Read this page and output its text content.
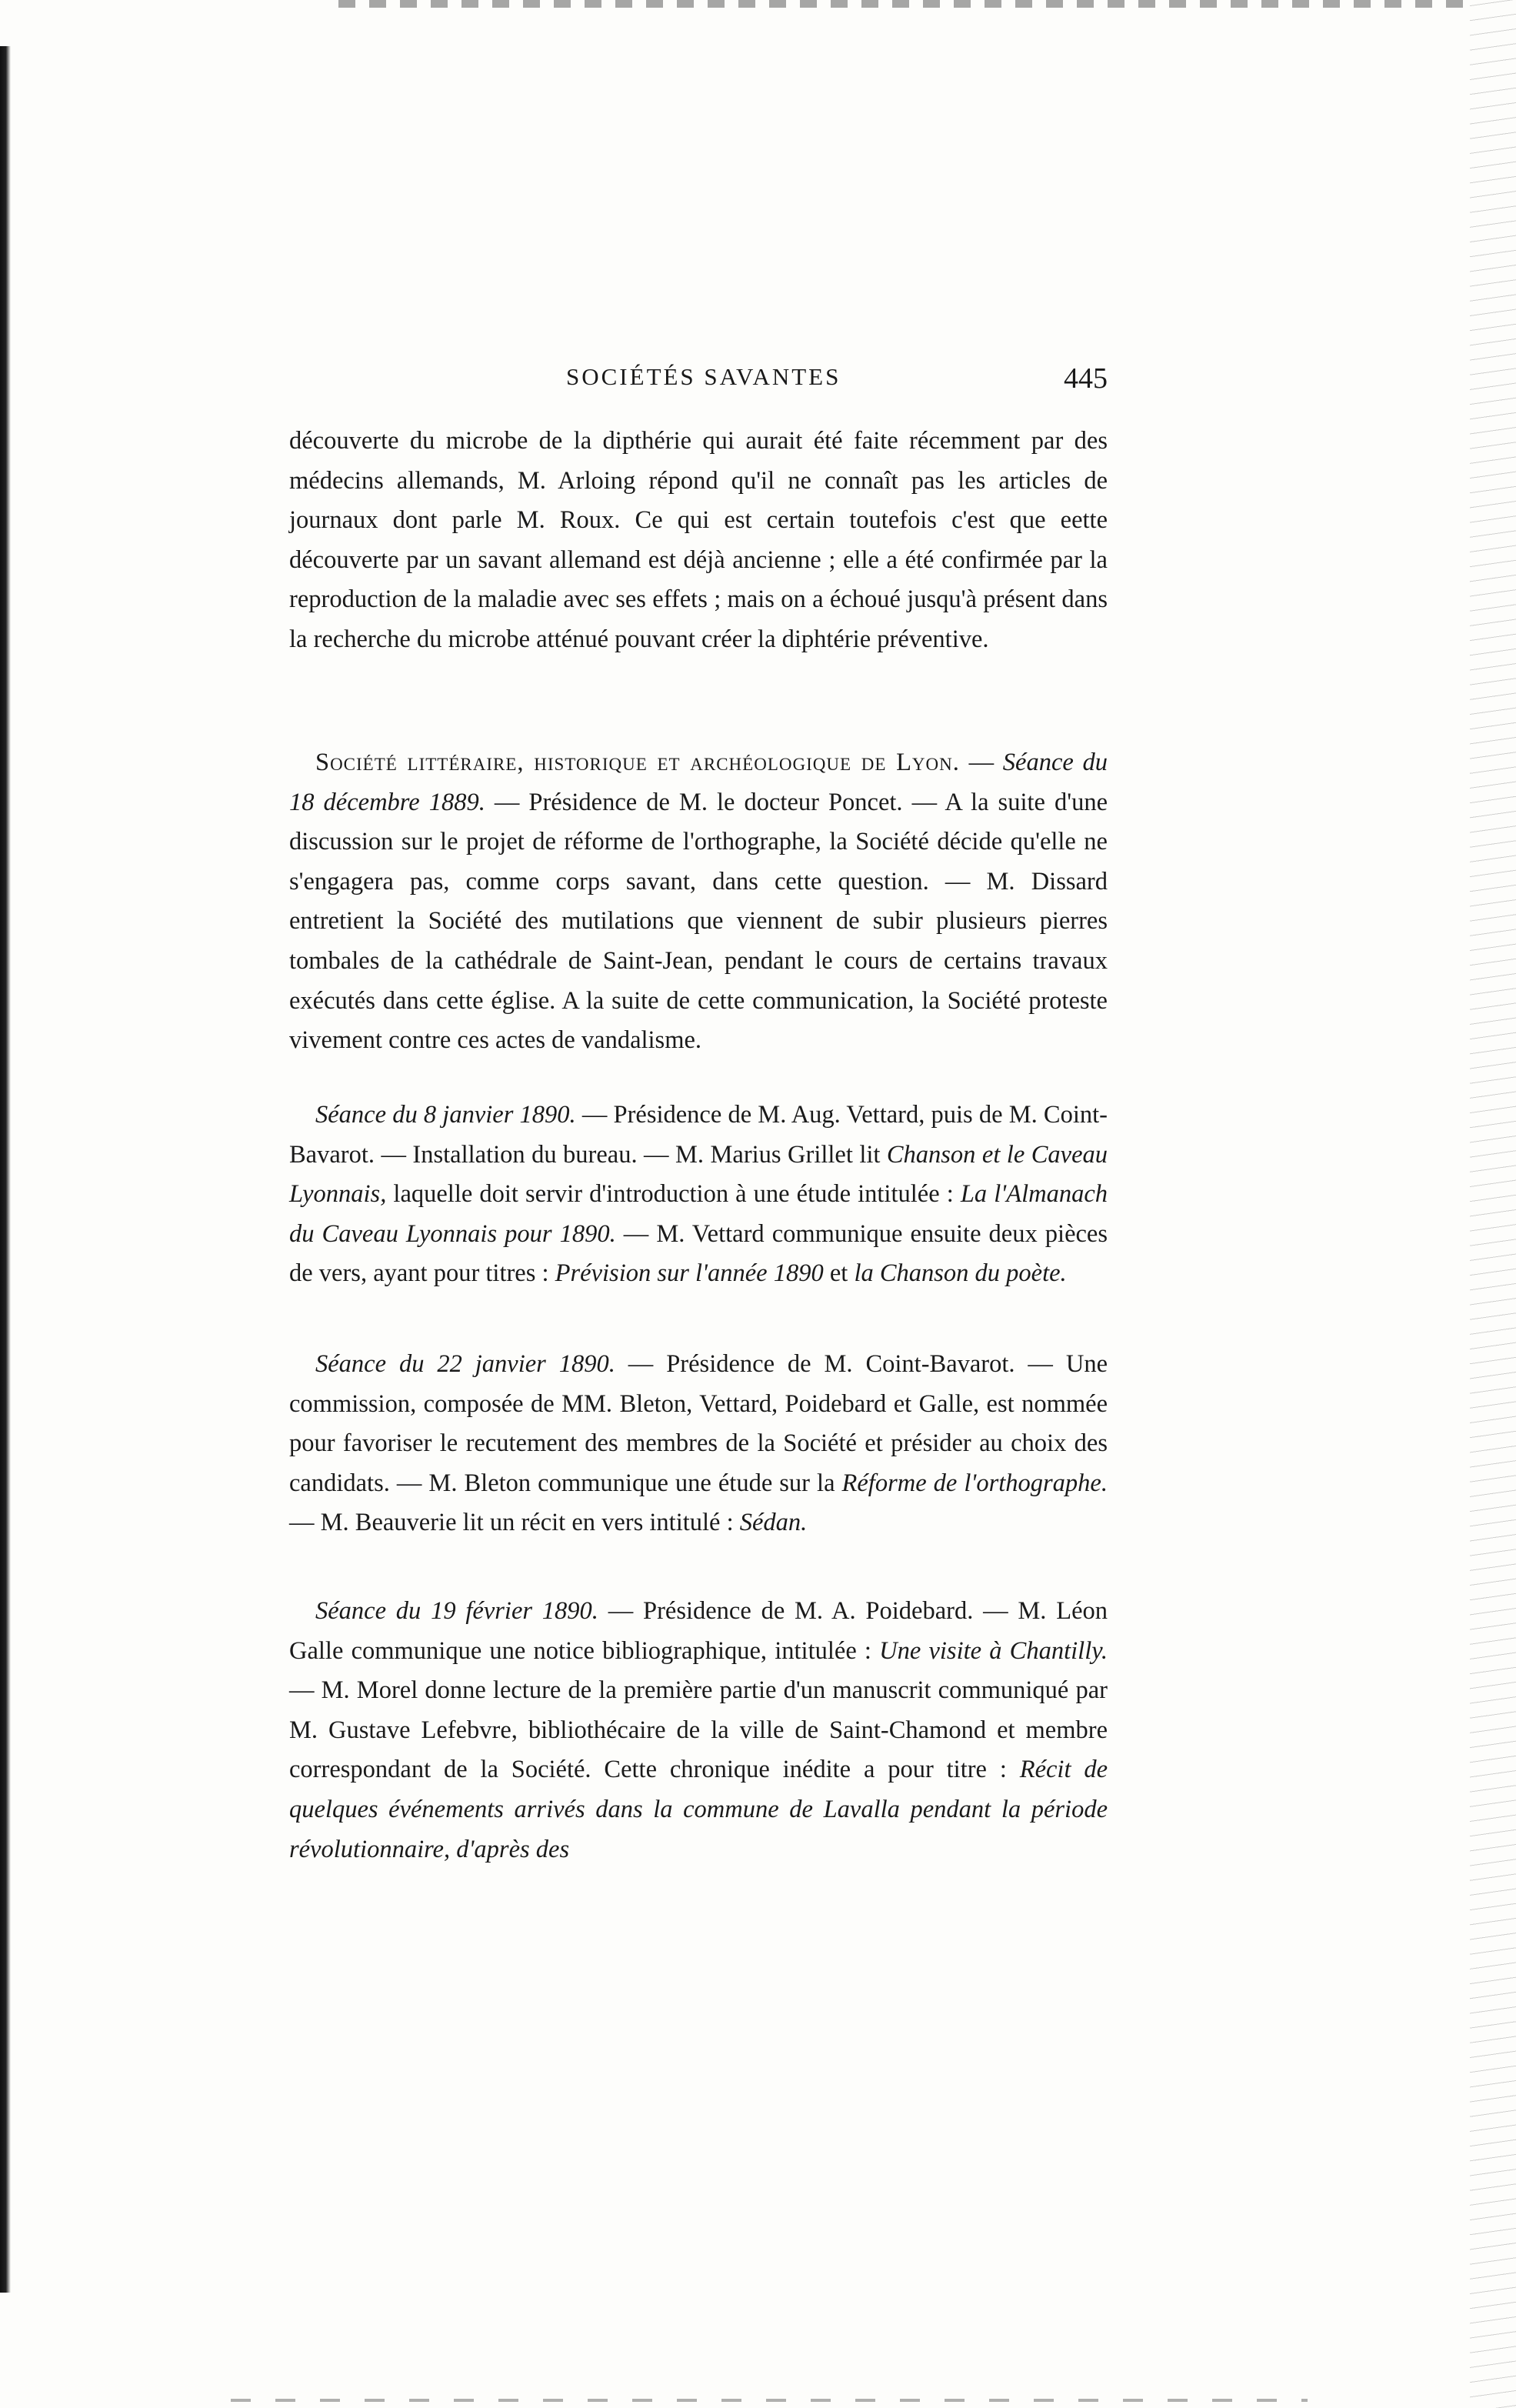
SOCIÉTÉS SAVANTES	445

découverte du microbe de la dipthérie qui aurait été faite récemment par des médecins allemands, M. Arloing répond qu'il ne connaît pas les articles de journaux dont parle M. Roux. Ce qui est certain toutefois c'est que eette découverte par un savant allemand est déjà ancienne ; elle a été confirmée par la reproduction de la maladie avec ses effets ; mais on a échoué jusqu'à présent dans la recherche du microbe atténué pouvant créer la diphtérie préventive.

Société littéraire, historique et archéologique de Lyon. — Séance du 18 décembre 1889. — Présidence de M. le docteur Poncet. — A la suite d'une discussion sur le projet de réforme de l'orthographe, la Société décide qu'elle ne s'engagera pas, comme corps savant, dans cette question. — M. Dissard entretient la Société des mutilations que viennent de subir plusieurs pierres tombales de la cathédrale de Saint-Jean, pendant le cours de certains travaux exécutés dans cette église. A la suite de cette communication, la Société proteste vivement contre ces actes de vandalisme.

Séance du 8 janvier 1890. — Présidence de M. Aug. Vettard, puis de M. Coint-Bavarot. — Installation du bureau. — M. Marius Grillet lit Chanson et le Caveau Lyonnais, laquelle doit servir d'introduction à une étude intitulée : La l'Almanach du Caveau Lyonnais pour 1890. — M. Vettard communique ensuite deux pièces de vers, ayant pour titres : Prévision sur l'année 1890 et la Chanson du poète.

Séance du 22 janvier 1890. — Présidence de M. Coint-Bavarot. — Une commission, composée de MM. Bleton, Vettard, Poidebard et Galle, est nommée pour favoriser le recutement des membres de la Société et présider au choix des candidats. — M. Bleton communique une étude sur la Réforme de l'orthographe. — M. Beauverie lit un récit en vers intitulé : Sédan.

Séance du 19 février 1890. — Présidence de M. A. Poidebard. — M. Léon Galle communique une notice bibliographique, intitulée : Une visite à Chantilly. — M. Morel donne lecture de la première partie d'un manuscrit communiqué par M. Gustave Lefebvre, bibliothécaire de la ville de Saint-Chamond et membre correspondant de la Société. Cette chronique inédite a pour titre : Récit de quelques événements arrivés dans la commune de Lavalla pendant la période révolutionnaire, d'après des
